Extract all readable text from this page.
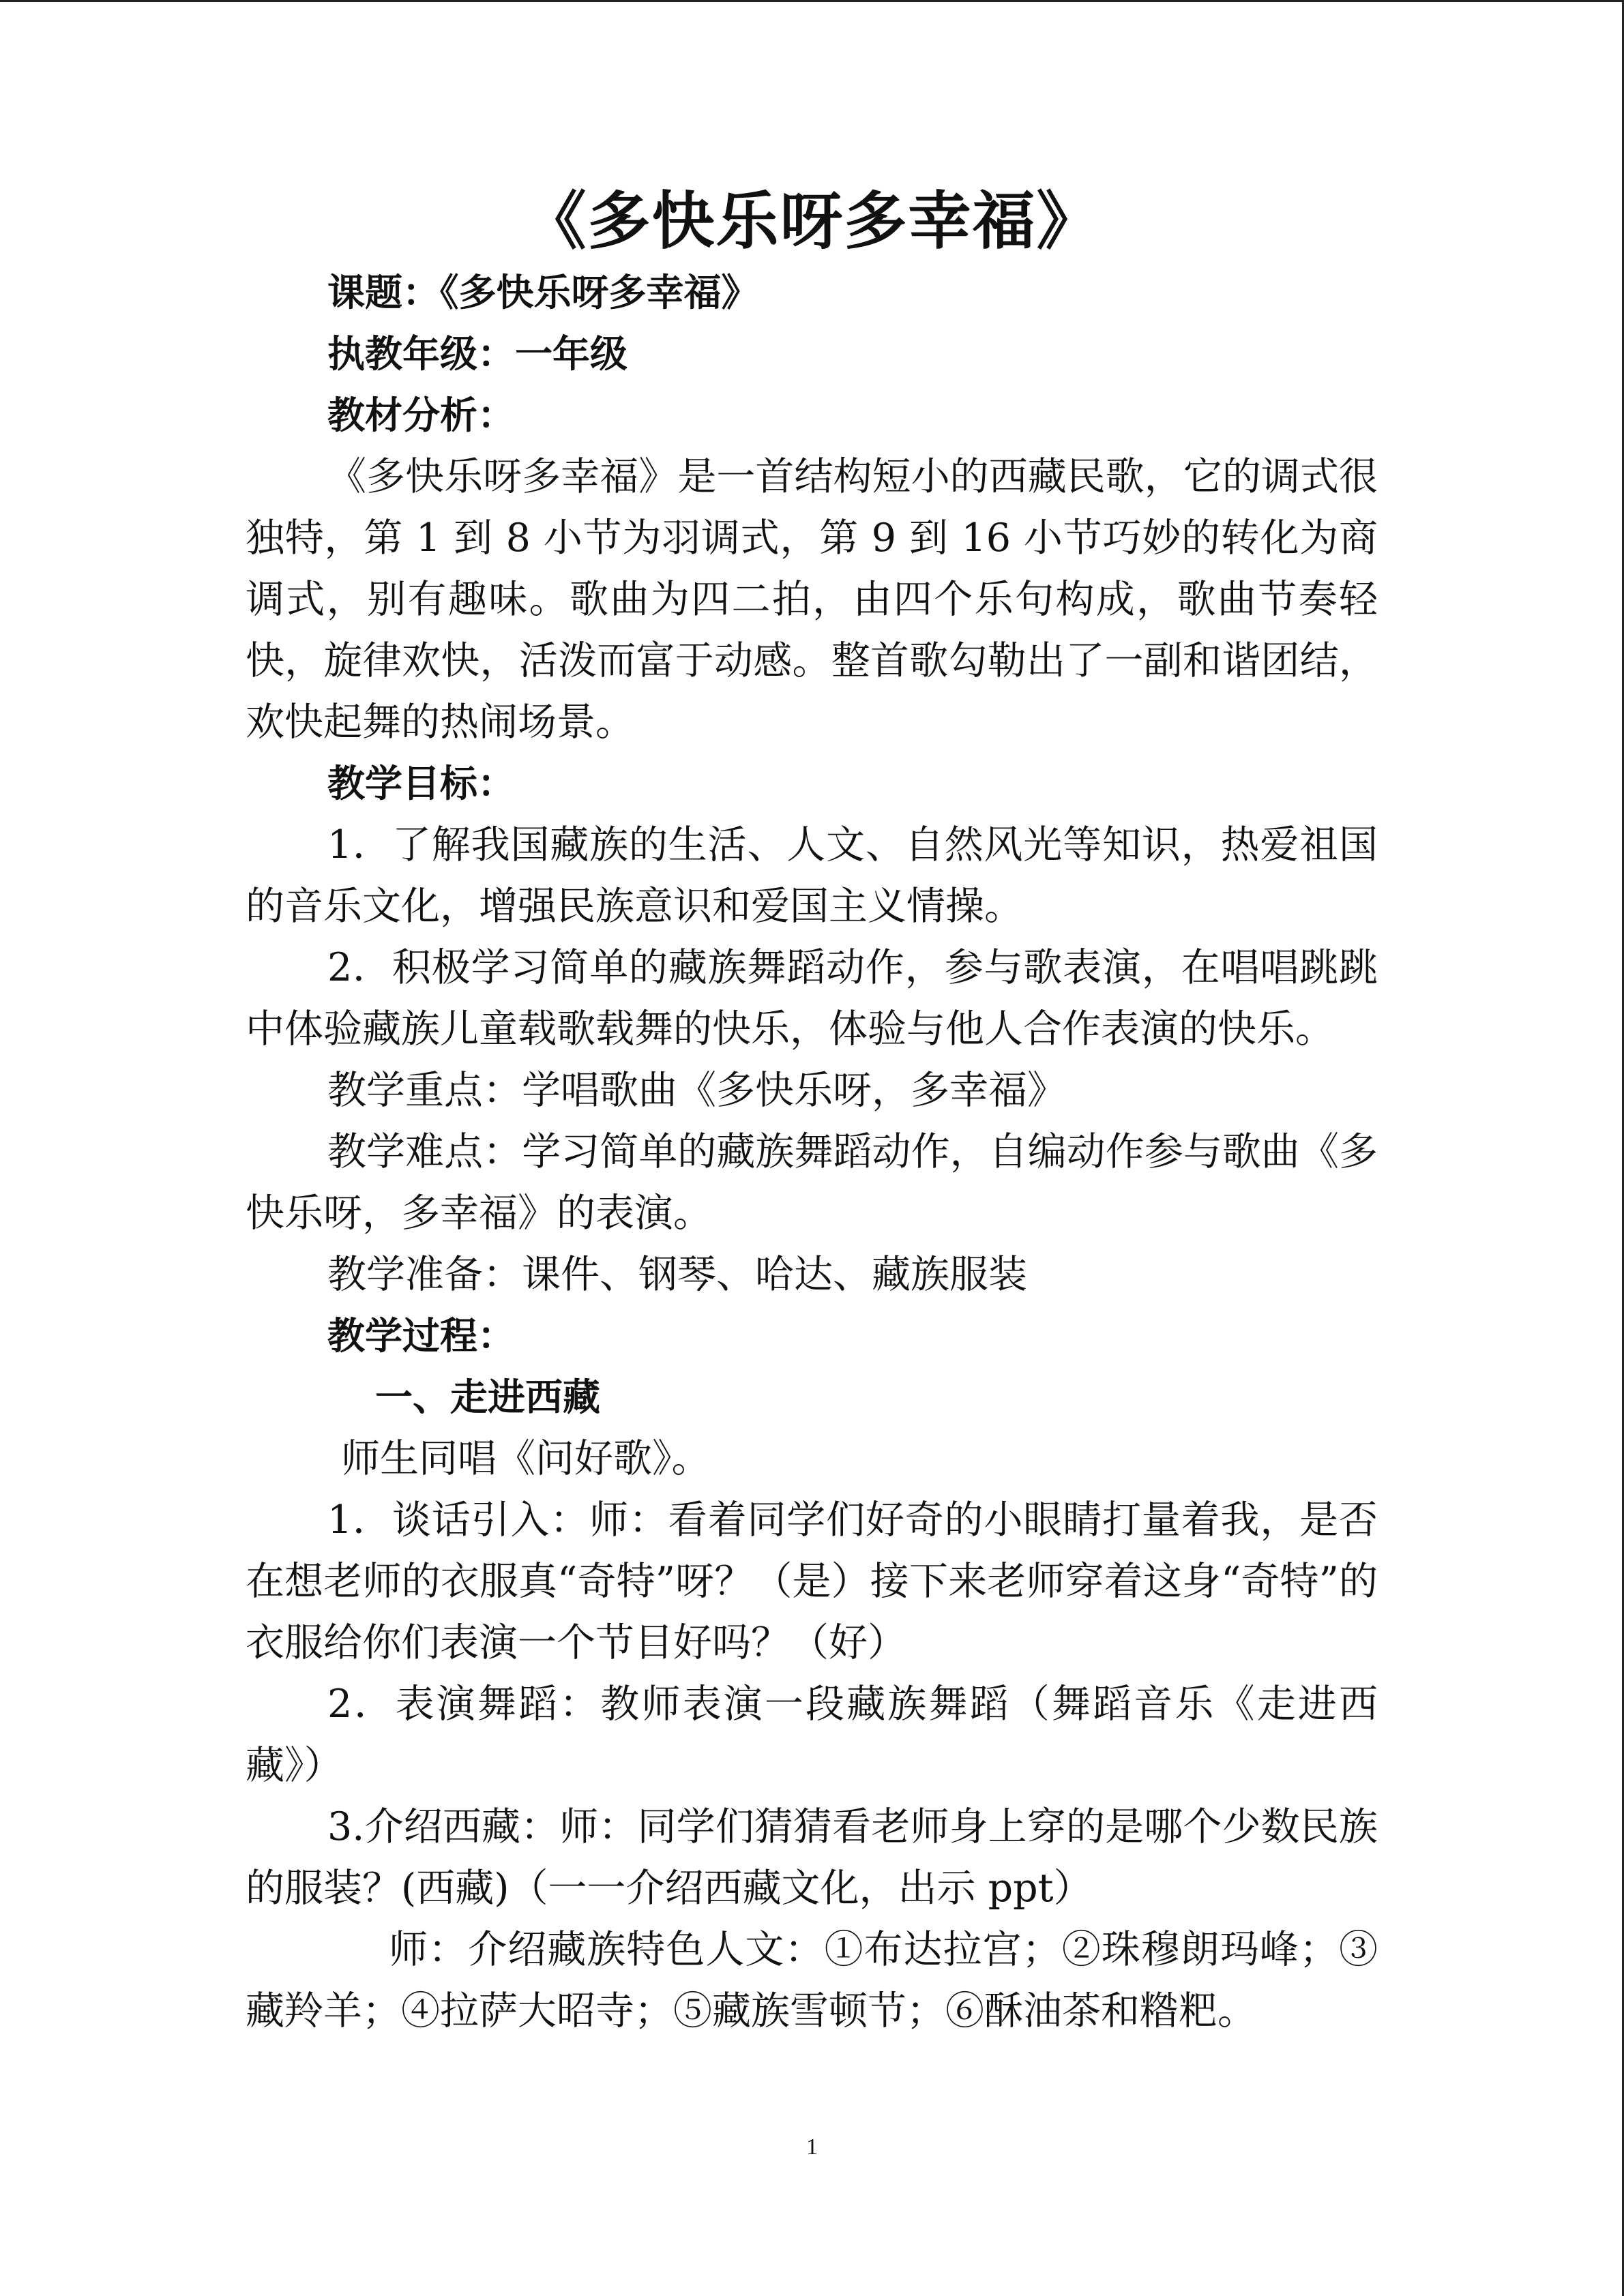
《多快乐呀多幸福》

课题：《多快乐呀多幸福》

执教年级：一年级

教材分析：

《多快乐呀多幸福》是一首结构短小的西藏民歌，它的调式很独特，第 1 到 8 小节为羽调式，第 9 到 16 小节巧妙的转化为商调式，别有趣味。歌曲为四二拍，由四个乐句构成，歌曲节奏轻快，旋律欢快，活泼而富于动感。整首歌勾勒出了一副和谐团结，欢快起舞的热闹场景。

教学目标：

1．了解我国藏族的生活、人文、自然风光等知识，热爱祖国的音乐文化，增强民族意识和爱国主义情操。

2．积极学习简单的藏族舞蹈动作，参与歌表演，在唱唱跳跳中体验藏族儿童载歌载舞的快乐，体验与他人合作表演的快乐。

教学重点：学唱歌曲《多快乐呀，多幸福》

教学难点：学习简单的藏族舞蹈动作，自编动作参与歌曲《多快乐呀，多幸福》的表演。

教学准备：课件、钢琴、哈达、藏族服装

教学过程：

一、走进西藏

师生同唱《问好歌》。

1．谈话引入：师：看着同学们好奇的小眼睛打量着我，是否在想老师的衣服真“奇特”呀？（是）接下来老师穿着这身“奇特”的衣服给你们表演一个节目好吗？（好）

2．表演舞蹈：教师表演一段藏族舞蹈（舞蹈音乐《走进西藏》）

3.介绍西藏：师：同学们猜猜看老师身上穿的是哪个少数民族的服装？(西藏)（一一介绍西藏文化，出示 ppt）

师：介绍藏族特色人文：①布达拉宫；②珠穆朗玛峰；③藏羚羊；④拉萨大昭寺；⑤藏族雪顿节；⑥酥油茶和糌粑。

1
